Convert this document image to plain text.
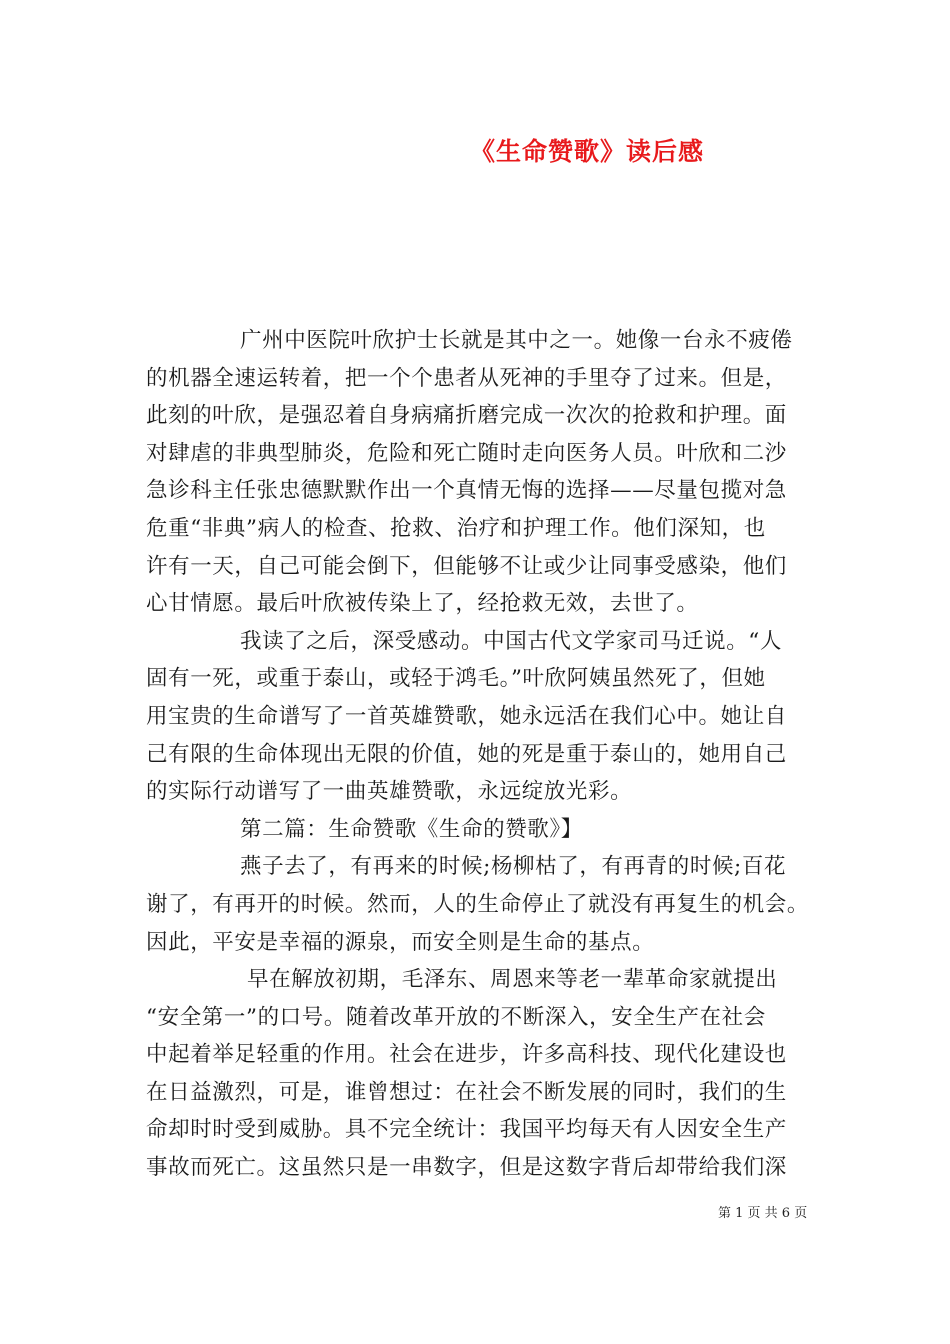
《生命赞歌》读后感
广州中医院叶欣护士长就是其中之一。她像一台永不疲倦
的机器全速运转着，把一个个患者从死神的手里夺了过来。但是，
此刻的叶欣，是强忍着自身病痛折磨完成一次次的抢救和护理。面
对肆虐的非典型肺炎，危险和死亡随时走向医务人员。叶欣和二沙
急诊科主任张忠德默默作出一个真情无悔的选择——尽量包揽对急
危重“非典”病人的检查、抢救、治疗和护理工作。他们深知，也
许有一天，自己可能会倒下，但能够不让或少让同事受感染，他们
心甘情愿。最后叶欣被传染上了，经抢救无效，去世了。
我读了之后，深受感动。中国古代文学家司马迁说。“人
固有一死，或重于泰山，或轻于鸿毛。”叶欣阿姨虽然死了，但她
用宝贵的生命谱写了一首英雄赞歌，她永远活在我们心中。她让自
己有限的生命体现出无限的价值，她的死是重于泰山的，她用自己
的实际行动谱写了一曲英雄赞歌，永远绽放光彩。
第二篇：生命赞歌《生命的赞歌》】
燕子去了，有再来的时候;杨柳枯了，有再青的时候;百花
谢了，有再开的时候。然而，人的生命停止了就没有再复生的机会。
因此，平安是幸福的源泉，而安全则是生命的基点。
早在解放初期，毛泽东、周恩来等老一辈革命家就提出
“安全第一”的口号。随着改革开放的不断深入，安全生产在社会
中起着举足轻重的作用。社会在进步，许多高科技、现代化建设也
在日益激烈，可是，谁曾想过：在社会不断发展的同时，我们的生
命却时时受到威胁。具不完全统计：我国平均每天有人因安全生产
事故而死亡。这虽然只是一串数字，但是这数字背后却带给我们深
第 1 页 共 6 页
